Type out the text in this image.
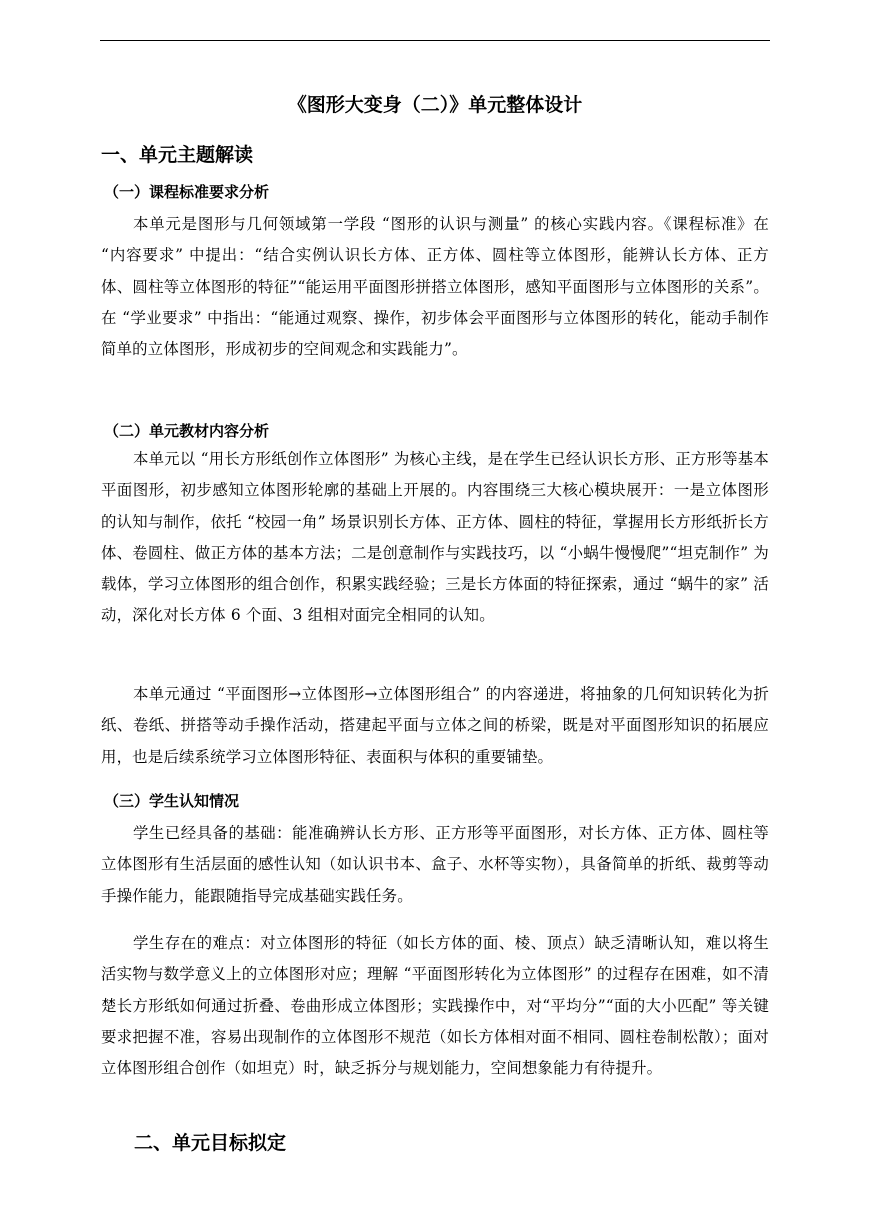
《图形大变身（二）》单元整体设计
一、单元主题解读
（一）课程标准要求分析

本单元是图形与几何领域第一学段 “图形的认识与测量” 的核心实践内容。《课程标准》在 “内容要求” 中提出：“结合实例认识长方体、正方体、圆柱等立体图形，能辨认长方体、正方体、圆柱等立体图形的特征”“能运用平面图形拼搭立体图形，感知平面图形与立体图形的关系”。在 “学业要求” 中指出：“能通过观察、操作，初步体会平面图形与立体图形的转化，能动手制作简单的立体图形，形成初步的空间观念和实践能力”。

（二）单元教材内容分析

本单元以 “用长方形纸创作立体图形” 为核心主线，是在学生已经认识长方形、正方形等基本平面图形，初步感知立体图形轮廓的基础上开展的。内容围绕三大核心模块展开：一是立体图形的认知与制作，依托 “校园一角” 场景识别长方体、正方体、圆柱的特征，掌握用长方形纸折长方体、卷圆柱、做正方体的基本方法；二是创意制作与实践技巧，以 “小蜗牛慢慢爬”“坦克制作” 为载体，学习立体图形的组合创作，积累实践经验；三是长方体面的特征探索，通过 “蜗牛的家” 活动，深化对长方体 6 个面、3 组相对面完全相同的认知。

本单元通过 “平面图形→立体图形→立体图形组合” 的内容递进，将抽象的几何知识转化为折纸、卷纸、拼搭等动手操作活动，搭建起平面与立体之间的桥梁，既是对平面图形知识的拓展应用，也是后续系统学习立体图形特征、表面积与体积的重要铺垫。

（三）学生认知情况

学生已经具备的基础：能准确辨认长方形、正方形等平面图形，对长方体、正方体、圆柱等立体图形有生活层面的感性认知（如认识书本、盒子、水杯等实物），具备简单的折纸、裁剪等动手操作能力，能跟随指导完成基础实践任务。

学生存在的难点：对立体图形的特征（如长方体的面、棱、顶点）缺乏清晰认知，难以将生活实物与数学意义上的立体图形对应；理解 “平面图形转化为立体图形” 的过程存在困难，如不清楚长方形纸如何通过折叠、卷曲形成立体图形；实践操作中，对“平均分”“面的大小匹配” 等关键要求把握不准，容易出现制作的立体图形不规范（如长方体相对面不相同、圆柱卷制松散）；面对立体图形组合创作（如坦克）时，缺乏拆分与规划能力，空间想象能力有待提升。

二、单元目标拟定
